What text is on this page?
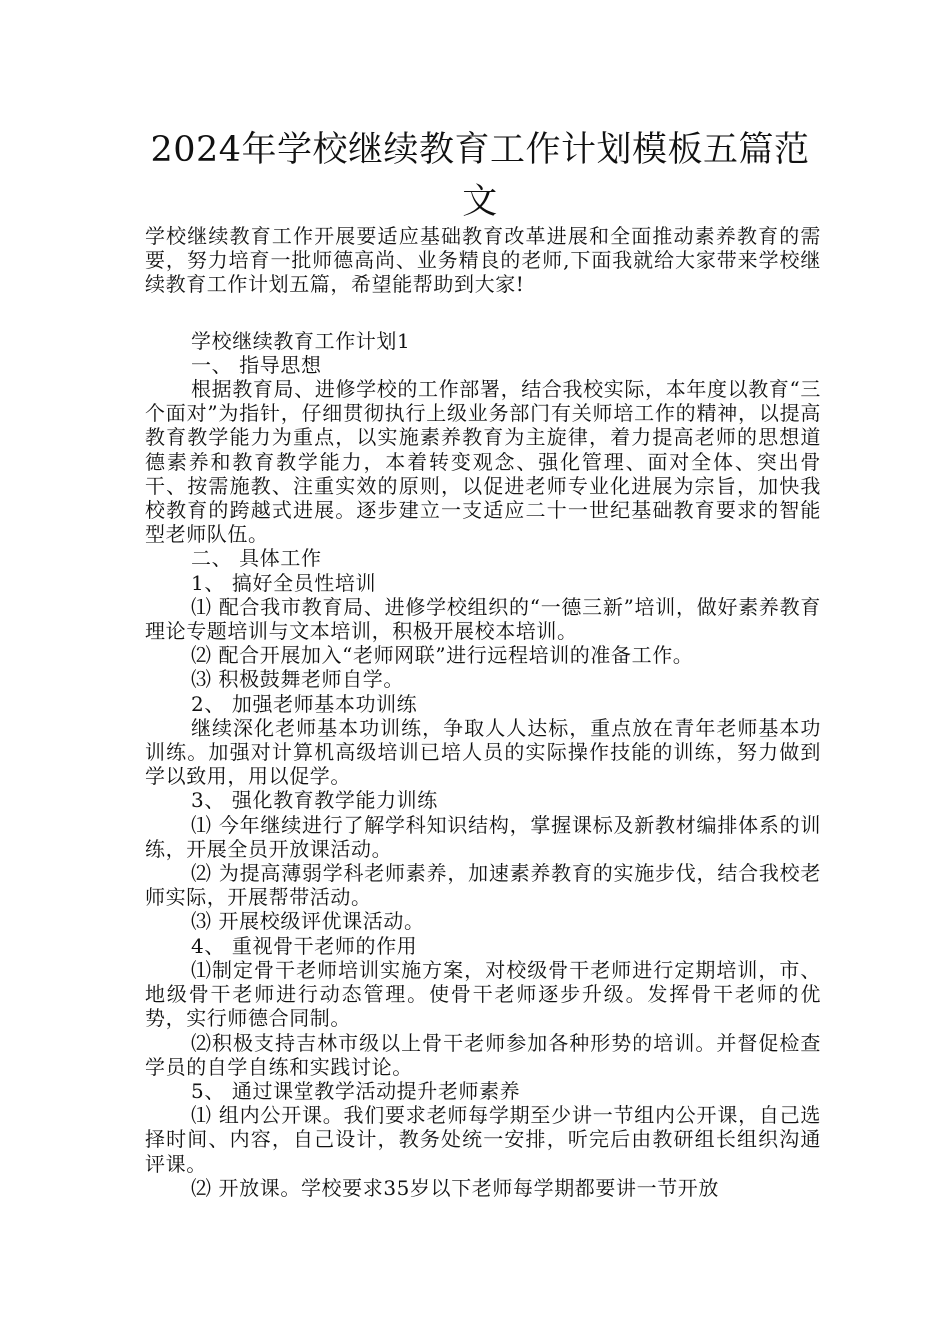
2024年学校继续教育工作计划模板五篇范文

学校继续教育工作开展要适应基础教育改革进展和全面推动素养教育的需要，努力培育一批师德高尚、业务精良的老师,下面我就给大家带来学校继续教育工作计划五篇，希望能帮助到大家!

学校继续教育工作计划1

一、 指导思想

根据教育局、进修学校的工作部署，结合我校实际，本年度以教育“三个面对”为指针，仔细贯彻执行上级业务部门有关师培工作的精神，以提高教育教学能力为重点，以实施素养教育为主旋律，着力提高老师的思想道德素养和教育教学能力，本着转变观念、强化管理、面对全体、突出骨干、按需施教、注重实效的原则，以促进老师专业化进展为宗旨，加快我校教育的跨越式进展。逐步建立一支适应二十一世纪基础教育要求的智能型老师队伍。

二、 具体工作

1、 搞好全员性培训

⑴ 配合我市教育局、进修学校组织的“一德三新”培训，做好素养教育理论专题培训与文本培训，积极开展校本培训。

⑵ 配合开展加入“老师网联”进行远程培训的准备工作。

⑶ 积极鼓舞老师自学。

2、 加强老师基本功训练

继续深化老师基本功训练，争取人人达标，重点放在青年老师基本功训练。加强对计算机高级培训已培人员的实际操作技能的训练，努力做到学以致用，用以促学。

3、 强化教育教学能力训练

⑴ 今年继续进行了解学科知识结构，掌握课标及新教材编排体系的训练，开展全员开放课活动。

⑵ 为提高薄弱学科老师素养，加速素养教育的实施步伐，结合我校老师实际，开展帮带活动。

⑶ 开展校级评优课活动。

4、 重视骨干老师的作用

⑴制定骨干老师培训实施方案，对校级骨干老师进行定期培训，市、地级骨干老师进行动态管理。使骨干老师逐步升级。发挥骨干老师的优势，实行师德合同制。

⑵积极支持吉林市级以上骨干老师参加各种形势的培训。并督促检查学员的自学自练和实践讨论。

5、 通过课堂教学活动提升老师素养

⑴ 组内公开课。我们要求老师每学期至少讲一节组内公开课，自己选择时间、内容，自己设计，教务处统一安排，听完后由教研组长组织沟通评课。

⑵ 开放课。学校要求35岁以下老师每学期都要讲一节开放
